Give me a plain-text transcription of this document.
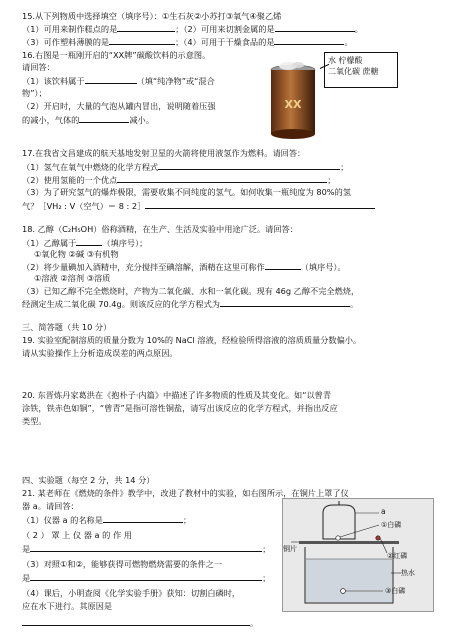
15.从下列物质中选择填空（填序号）：①生石灰②小苏打③氧气④聚乙烯
（1）可用来制作糕点的是	；（2）可用来切割金属的是	。
（3）可作塑料薄膜的是	；（4）可用于干燥食品的是	。
16.右图是一瓶刚开启的“XX牌”碳酸饮料的示意图。
请回答：
（1）该饮料属于	（填“纯净物”或“混合
物”）；
（2）开启时，大量的气泡从罐内冒出，说明随着压强
的减小，气体的	减小。
水 柠檬酸
二氧化碳 蔗糖
XX
17.在我省文昌建成的航天基地发射卫星的火箭将使用液氢作为燃料。请回答：
（1）氢气在氧气中燃烧的化学方程式	；
（2）使用氢能的一个优点	；
（3）为了研究氢气的爆炸极限，需要收集不同纯度的氢气。如何收集一瓶纯度为 80%的氢
气？［VH₂ : V（空气）＝ 8 : 2］
18. 乙醇（C₂H₅OH）俗称酒精，在生产、生活及实验中用途广泛。请回答：
（1）乙醇属于	（填序号）；
①氧化物 ②碱 ③有机物
（2）将少量碘加入酒精中，充分搅拌至碘溶解，酒精在这里可称作	（填序号）。
①溶液 ②溶剂 ③溶质
（3）已知乙醇不完全燃烧时，产物为二氧化碳、水和一氧化碳。现有 46g 乙醇不完全燃烧，
经测定生成二氧化碳 70.4g。则该反应的化学方程式为	。
三、简答题（共 10 分）
19. 实验室配制溶质的质量分数为 10%的 NaCl 溶液，经检验所得溶液的溶质质量分数偏小。
请从实验操作上分析造成误差的两点原因。
20. 东晋炼丹家葛洪在《抱朴子·内篇》中描述了许多物质的性质及其变化。如“以曾青
涂铁，铁赤色如铜”，“曾青”是指可溶性铜盐，请写出该反应的化学方程式，并指出反应
类型。
四、实验题（每空 2 分，共 14 分）
21. 某老师在《燃烧的条件》教学中，改进了教材中的实验，如右图所示，在铜片上罩了仪
器 a。请回答：
（1）仪器 a 的名称是	；
（ 2 ） 罩 上 仪 器 a 的 作 用
是	；
（3）对照①和②，能够获得可燃物燃烧需要的条件之一
是	；
（4）课后，小明查阅《化学实验手册》获知：切割白磷时，
应在水下进行。其原因是
。
a
①白磷
铜片
②红磷
热水
③白磷
